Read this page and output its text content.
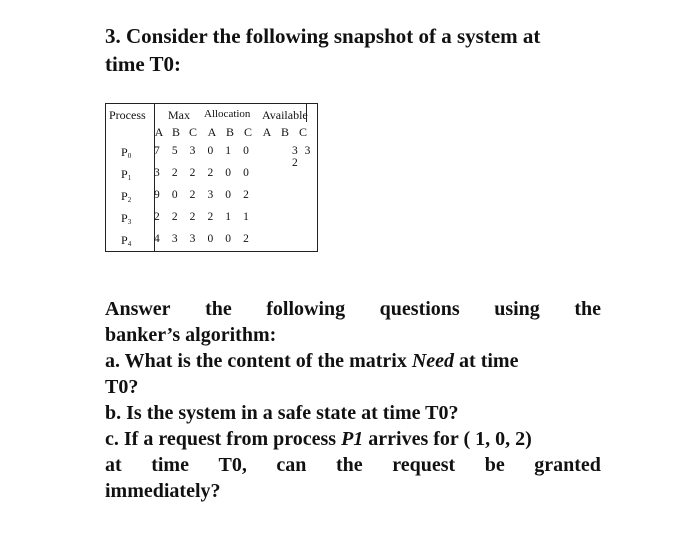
3. Consider the following snapshot of a system at
time T0:
Process Max Allocation Available
A B C A B C A B C
$P_0$ 7 5 3 0 1 0	3 3 2
$P_1$ 3 2 2 2 0 0
$P_2$ 9 0 2 3 0 2
$P_3$ 2 2 2 2 1 1
$P_4$ 4 3 3 0 0 2
Answer the following questions using the
banker’s algorithm:
a. What is the content of the matrix Need at time
T0?
b. Is the system in a safe state at time T0?
c. If a request from process P1 arrives for ( 1, 0, 2)
at time T0, can the request be granted
immediately?
